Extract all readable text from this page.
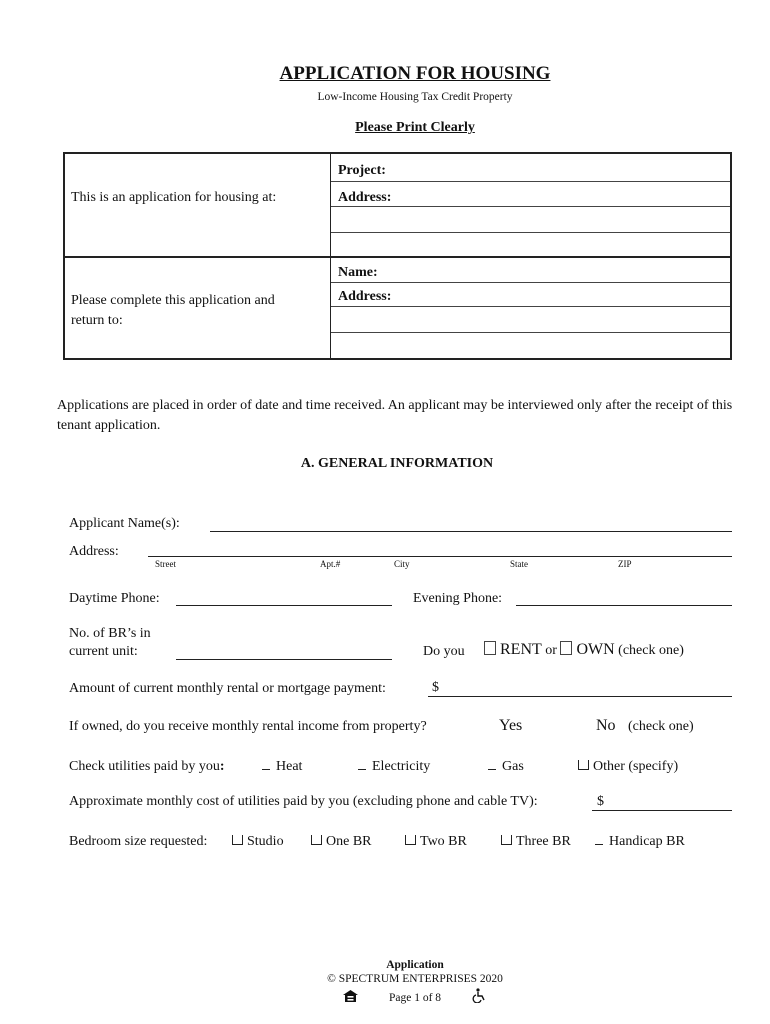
APPLICATION FOR HOUSING
Low-Income Housing Tax Credit Property
Please Print Clearly
This is an application for housing at:
Project:
Address:
Please complete this application and return to:
Name:
Address:
Applications are placed in order of date and time received. An applicant may be interviewed only after the receipt of this tenant application.
A. GENERAL INFORMATION
Applicant Name(s):
Address:
Street	Apt.#	City	State	ZIP
Daytime Phone:	Evening Phone:
No. of BR’s in
current unit:	Do you	RENT or OWN (check one)
Amount of current monthly rental or mortgage payment:	$
If owned, do you receive monthly rental income from property?	Yes	No (check one)
Check utilities paid by you:	Heat	Electricity	Gas	Other (specify)
Approximate monthly cost of utilities paid by you (excluding phone and cable TV):	$
Bedroom size requested:	Studio	One BR	Two BR	Three BR	Handicap BR
Application
© SPECTRUM ENTERPRISES 2020
Page 1 of 8
